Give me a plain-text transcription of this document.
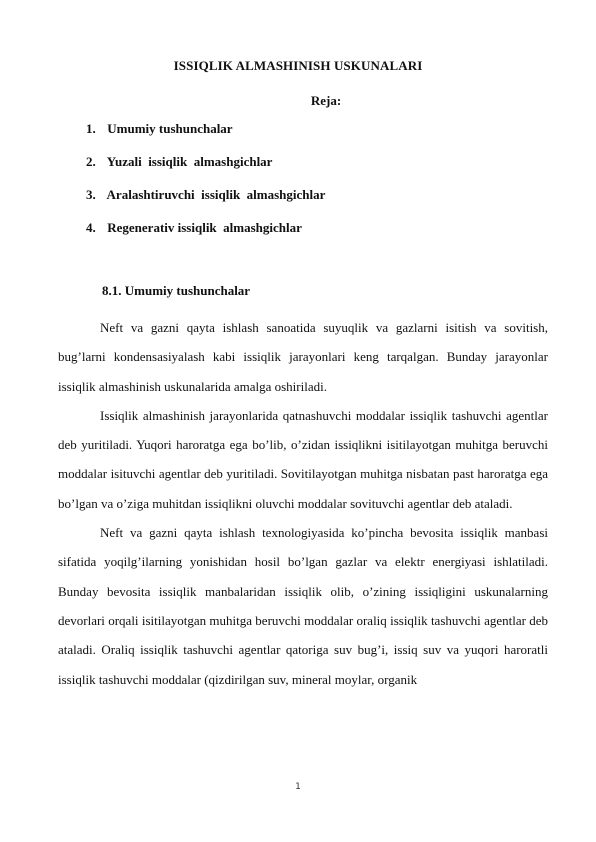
ISSIQLIK ALMASHINISH USKUNALARI
Reja:
1. Umumiy tushunchalar
2. Yuzali  issiqlik  almashgichlar
3. Aralashtiruvchi  issiqlik  almashgichlar
4. Regenerativ issiqlik  almashgichlar
8.1. Umumiy tushunchalar

Neft va gazni qayta ishlash sanoatida suyuqlik va gazlarni isitish va sovitish, bug’larni kondensasiyalash kabi issiqlik jarayonlari keng tarqalgan. Bunday jarayonlar issiqlik almashinish uskunalarida amalga oshiriladi.

Issiqlik almashinish jarayonlarida qatnashuvchi moddalar issiqlik tashuvchi agentlar deb yuritiladi. Yuqori haroratga ega bo’lib, o’zidan issiqlikni isitilayotgan muhitga beruvchi moddalar isituvchi agentlar deb yuritiladi. Sovitilayotgan muhitga nisbatan past haroratga ega bo’lgan va o’ziga muhitdan issiqlikni oluvchi moddalar sovituvchi agentlar deb ataladi.

Neft va gazni qayta ishlash texnologiyasida ko’pincha bevosita issiqlik manbasi sifatida yoqilg’ilarning yonishidan hosil bo’lgan gazlar va elektr energiyasi ishlatiladi. Bunday bevosita issiqlik manbalaridan issiqlik olib, o’zining issiqligini uskunalarning devorlari orqali isitilayotgan muhitga beruvchi moddalar oraliq issiqlik tashuvchi agentlar deb ataladi. Oraliq issiqlik tashuvchi agentlar qatoriga suv bug’i, issiq suv va yuqori haroratli issiqlik tashuvchi moddalar (qizdirilgan suv, mineral moylar, organik

1
